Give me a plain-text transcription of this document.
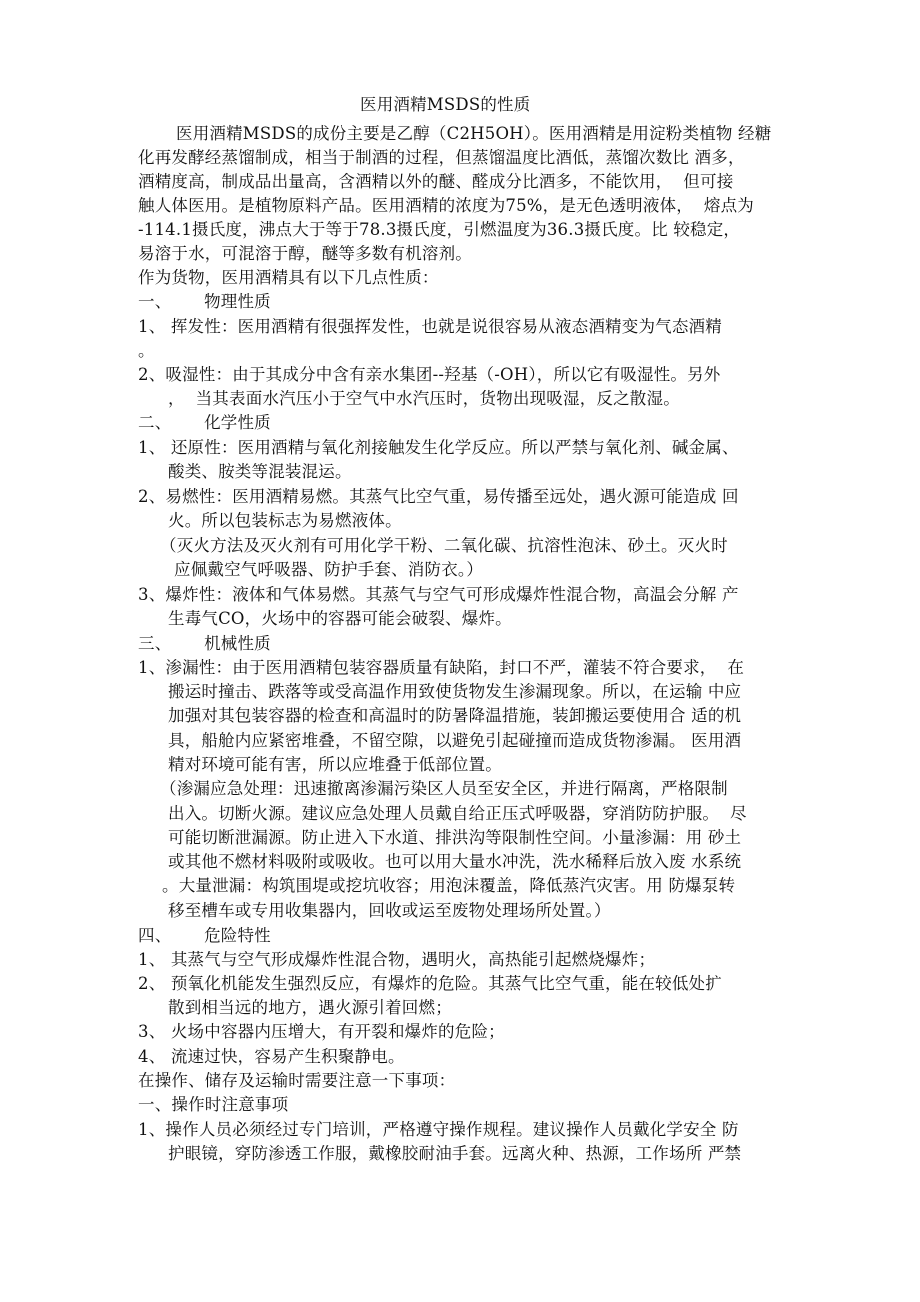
医用酒精MSDS的性质
医用酒精MSDS的成份主要是乙醇（C2H5OH）。医用酒精是用淀粉类植物 经糖
化再发酵经蒸馏制成，相当于制酒的过程，但蒸馏温度比酒低，蒸馏次数比 酒多，
酒精度高，制成品出量高，含酒精以外的醚、醛成分比酒多，不能饮用，  但可接
触人体医用。是植物原料产品。医用酒精的浓度为75%，是无色透明液体，  熔点为
-114.1摄氏度，沸点大于等于78.3摄氏度，引燃温度为36.3摄氏度。比 较稳定，
易溶于水，可混溶于醇，醚等多数有机溶剂。
作为货物，医用酒精具有以下几点性质：
一、      物理性质
1、 挥发性：医用酒精有很强挥发性，也就是说很容易从液态酒精变为气态酒精
。
2、吸湿性：由于其成分中含有亲水集团--羟基（-OH），所以它有吸湿性。另外
，  当其表面水汽压小于空气中水汽压时，货物出现吸湿，反之散湿。
二、      化学性质
1、 还原性：医用酒精与氧化剂接触发生化学反应。所以严禁与氧化剂、碱金属、
酸类、胺类等混装混运。
2、易燃性：医用酒精易燃。其蒸气比空气重，易传播至远处，遇火源可能造成 回
火。所以包装标志为易燃液体。
（灭火方法及灭火剂有可用化学干粉、二氧化碳、抗溶性泡沫、砂土。灭火时
应佩戴空气呼吸器、防护手套、消防衣。）
3、爆炸性：液体和气体易燃。其蒸气与空气可形成爆炸性混合物，高温会分解 产
生毒气CO，火场中的容器可能会破裂、爆炸。
三、      机械性质
1、渗漏性：由于医用酒精包装容器质量有缺陷，封口不严，灌装不符合要求，  在
搬运时撞击、跌落等或受高温作用致使货物发生渗漏现象。所以，在运输 中应
加强对其包装容器的检查和高温时的防暑降温措施，装卸搬运要使用合 适的机
具，船舱内应紧密堆叠，不留空隙，以避免引起碰撞而造成货物渗漏。 医用酒
精对环境可能有害，所以应堆叠于低部位置。
（渗漏应急处理：迅速撤离渗漏污染区人员至安全区，并进行隔离，严格限制
出入。切断火源。建议应急处理人员戴自给正压式呼吸器，穿消防防护服。  尽
可能切断泄漏源。防止进入下水道、排洪沟等限制性空间。小量渗漏：用 砂土
或其他不燃材料吸附或吸收。也可以用大量水冲洗，洗水稀释后放入废 水系统
。大量泄漏：构筑围堤或挖坑收容；用泡沫覆盖，降低蒸汽灾害。用 防爆泵转
移至槽车或专用收集器内，回收或运至废物处理场所处置。）
四、      危险特性
1、 其蒸气与空气形成爆炸性混合物，遇明火，高热能引起燃烧爆炸；
2、 预氧化机能发生强烈反应，有爆炸的危险。其蒸气比空气重，能在较低处扩
散到相当远的地方，遇火源引着回燃；
3、 火场中容器内压增大，有开裂和爆炸的危险；
4、 流速过快，容易产生积聚静电。
在操作、储存及运输时需要注意一下事项：
一、操作时注意事项
1、操作人员必须经过专门培训，严格遵守操作规程。建议操作人员戴化学安全 防
护眼镜，穿防渗透工作服，戴橡胶耐油手套。远离火种、热源，工作场所 严禁
